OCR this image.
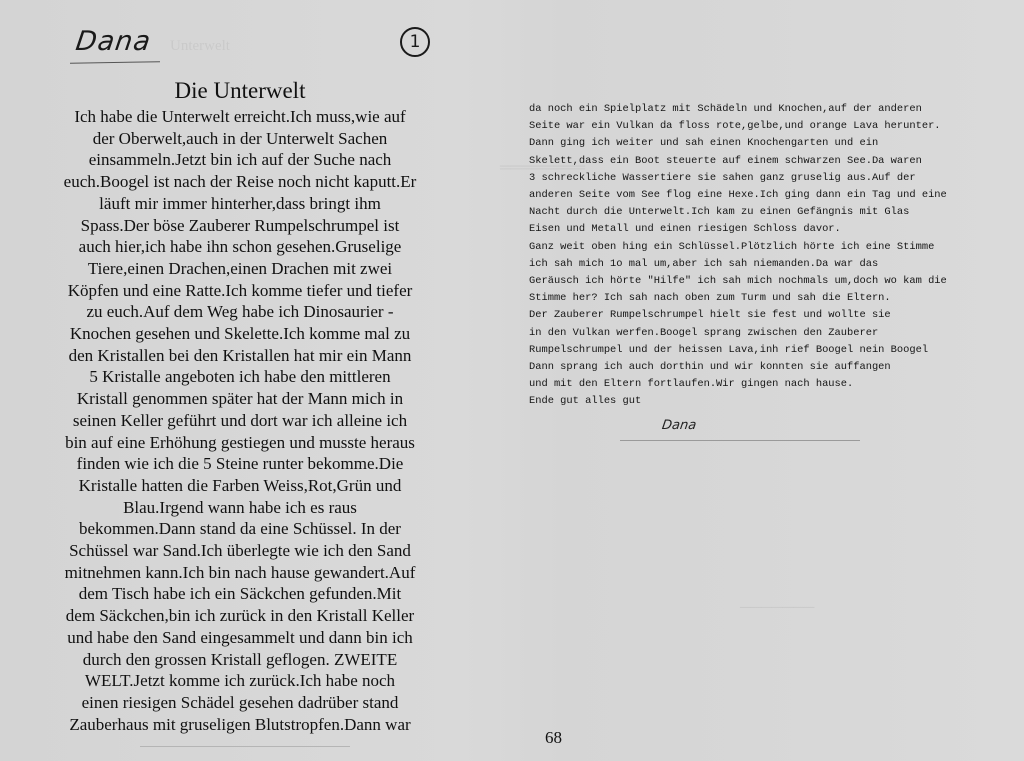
Unterwelt
════════
───────
Dana	1
Die Unterwelt
Ich habe die Unterwelt erreicht.Ich muss,wie auf
der Oberwelt,auch in der Unterwelt Sachen
einsammeln.Jetzt bin ich auf der Suche nach
euch.Boogel ist nach der Reise noch nicht kaputt.Er
läuft mir immer hinterher,dass bringt ihm
Spass.Der böse Zauberer Rumpelschrumpel ist
auch hier,ich habe ihn schon gesehen.Gruselige
Tiere,einen Drachen,einen Drachen mit zwei
Köpfen und eine Ratte.Ich komme tiefer und tiefer
zu euch.Auf dem Weg habe ich Dinosaurier -
Knochen gesehen und Skelette.Ich komme mal zu
den Kristallen bei den Kristallen hat mir ein Mann
5 Kristalle angeboten ich habe den mittleren
Kristall genommen später hat der Mann mich in
seinen Keller geführt und dort war ich alleine ich
bin auf eine Erhöhung gestiegen und musste heraus
finden wie ich die 5 Steine runter bekomme.Die
Kristalle hatten die Farben Weiss,Rot,Grün und
Blau.Irgend wann habe ich es raus
bekommen.Dann stand da eine Schüssel. In der
Schüssel war Sand.Ich überlegte wie ich den Sand
mitnehmen kann.Ich bin nach hause gewandert.Auf
dem Tisch habe ich ein Säckchen gefunden.Mit
dem Säckchen,bin ich zurück in den Kristall Keller
und habe den Sand eingesammelt und dann bin ich
durch den grossen Kristall geflogen. ZWEITE
WELT.Jetzt komme ich zurück.Ich habe noch
einen riesigen Schädel gesehen dadrüber stand
Zauberhaus mit gruseligen Blutstropfen.Dann war
da noch ein Spielplatz mit Schädeln und Knochen,auf der anderen
Seite war ein Vulkan da floss rote,gelbe,und orange Lava herunter.
Dann ging ich weiter und sah einen Knochengarten und ein
Skelett,dass ein Boot steuerte auf einem schwarzen See.Da waren
3 schreckliche Wassertiere sie sahen ganz gruselig aus.Auf der
anderen Seite vom See flog eine Hexe.Ich ging dann ein Tag und eine
Nacht durch die Unterwelt.Ich kam zu einen Gefängnis mit Glas
Eisen und Metall und einen riesigen Schloss davor.
Ganz weit oben hing ein Schlüssel.Plötzlich hörte ich eine Stimme
ich sah mich 1o mal um,aber ich sah niemanden.Da war das
Geräusch ich hörte "Hilfe" ich sah mich nochmals um,doch wo kam die
Stimme her? Ich sah nach oben zum Turm und sah die Eltern.
Der Zauberer Rumpelschrumpel hielt sie fest und wollte sie
in den Vulkan werfen.Boogel sprang zwischen den Zauberer
Rumpelschrumpel und der heissen Lava,inh rief Boogel nein Boogel
Dann sprang ich auch dorthin und wir konnten sie auffangen
und mit den Eltern fortlaufen.Wir gingen nach hause.
Ende gut alles gut
Dana
68
